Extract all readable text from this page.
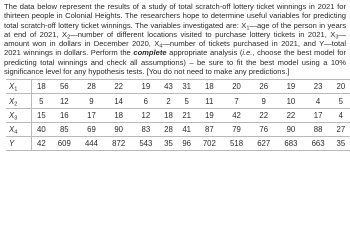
The data below represent the results of a study of total scratch-off lottery ticket winnings in 2021 for thirteen people in Colonial Heights. The researchers hope to determine useful variables for predicting total scratch-off lottery ticket winnings. The variables investigated are: $X_1—age$ of the person in years at end of 2021, $X_2—number$ of different locations visited to purchase lottery tickets in 2021, $X_3—amount$ won in dollars in December 2020, $X_4—number$ of tickets purchased in 2021, and Y—total 2021 winnings in dollars. Perform the complete appropriate analysis (i.e., choose the best model for predicting total winnings and check all assumptions) – be sure to fit the best model using a 10% significance level for any hypothesis tests. [You do not need to make any predictions.]

X1	18	56	28	22	19	43	31	18	20	26	19	23	20
X2	5	12	9	14	6	2	5	11	7	9	10	4	5
X3	15	16	17	18	12	18	21	19	42	22	22	17	4
X4	40	85	69	90	83	28	41	87	79	76	90	88	27
Y	42	609	444	872	543	35	96	702	518	627	683	663	35
